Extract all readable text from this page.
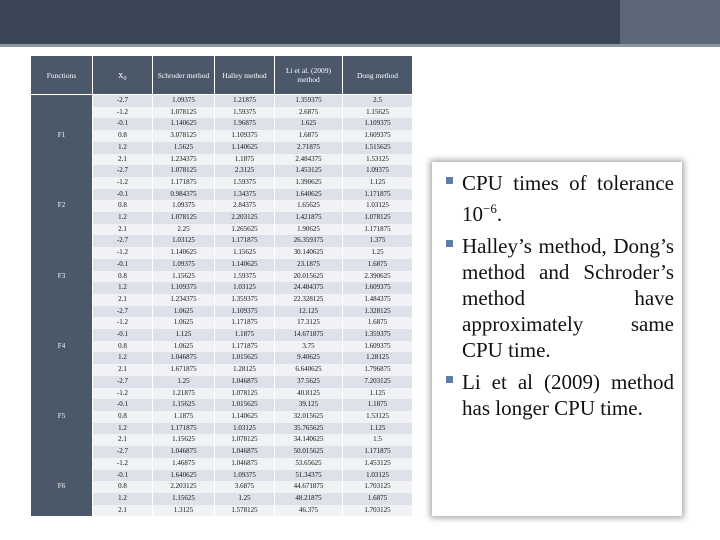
Functions	x₀	Schroder method	Halley method	Li et al. (2009) method	Dong method
	-2.7	1.09375	1.21875	1.359375	2.5
	-1.2	1.078125	1.59375	2.6875	1.15625
	-0.1	1.140625	1.96875	1.625	1.109375
F1	0.8	3.078125	1.109375	1.6875	1.609375
	1.2	1.5625	1.140625	2.71875	1.515625
	2.1	1.234375	1.1875	2.484375	1.53125
	-2.7	1.078125	2.3125	1.453125	1.09375
	-1.2	1.171875	1.59375	1.390625	1.125
	-0.1	0.984375	1.34375	1.640625	1.171875
F2	0.8	1.09375	2.84375	1.65625	1.03125
	1.2	1.078125	2.203125	1.421875	1.078125
	2.1	2.25	1.265625	1.90625	1.171875
	-2.7	1.03125	1.171875	26.359375	1.375
	-1.2	1.140625	1.15625	30.140625	1.25
	-0.1	1.09375	1.140625	23.1875	1.6875
F3	0.8	1.15625	1.59375	20.015625	2.390625
	1.2	1.109375	1.03125	24.484375	1.609375
	2.1	1.234375	1.359375	22.328125	1.484375
	-2.7	1.0625	1.109375	12.125	1.328125
	-1.2	1.0625	1.171875	17.3125	1.6875
	-0.1	1.125	1.1875	14.671875	1.359375
F4	0.8	1.0625	1.171875	3.75	1.609375
	1.2	1.046875	1.015625	9.40625	1.28125
	2.1	1.671875	1.28125	6.640625	1.796875
	-2.7	1.25	1.046875	37.5625	7.203125
	-1.2	1.21875	1.078125	40.8125	1.125
	-0.1	1.15625	1.015625	39.125	1.1875
F5	0.8	1.1875	1.140625	32.015625	1.53125
	1.2	1.171875	1.03125	35.765625	1.125
	2.1	1.15625	1.078125	34.140625	1.5
	-2.7	1.046875	1.046875	50.015625	1.171875
	-1.2	1.46875	1.046875	53.65625	1.453125
	-0.1	1.640625	1.09375	51.34375	1.03125
F6	0.8	2.203125	3.6875	44.671875	1.703125
	1.2	1.15625	1.25	48.21875	1.6875
	2.1	1.3125	1.578125	46.375	1.703125
CPU times of tolerance $10^{-6}$.
Halley’s method, Dong’s method and Schroder’s method have approximately same CPU time.
Li et al (2009) method has longer CPU time.
